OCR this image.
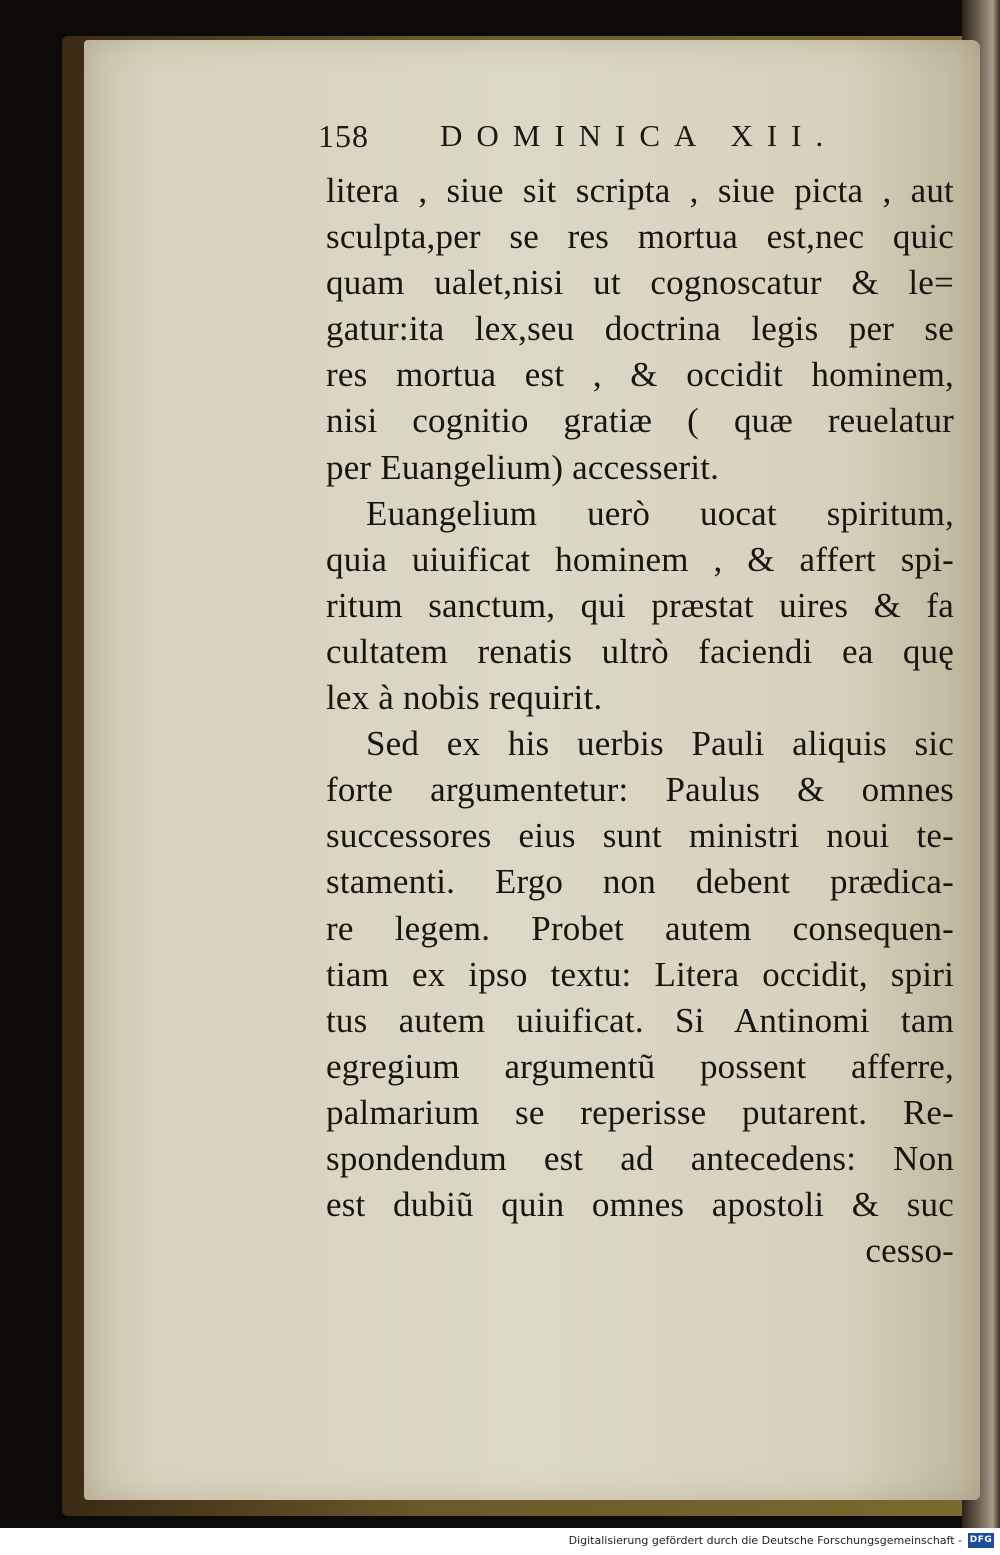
158 DOMINICA XII.
litera , siue sit scripta , siue picta , aut
sculpta,per se res mortua est,nec quic
quam ualet,nisi ut cognoscatur & le=
gatur:ita lex,seu doctrina legis per se
res mortua est , & occidit hominem,
nisi cognitio gratiæ ( quæ reuelatur
per Euangelium) accesserit.
Euangelium uerò uocat spiritum,
quia uiuificat hominem , & affert spi-
ritum sanctum, qui præstat uires & fa
cultatem renatis ultrò faciendi ea quę
lex à nobis requirit.
Sed ex his uerbis Pauli aliquis sic
forte argumentetur: Paulus & omnes
successores eius sunt ministri noui te-
stamenti. Ergo non debent prædica-
re legem. Probet autem consequen-
tiam ex ipso textu: Litera occidit, spiri
tus autem uiuificat. Si Antinomi tam
egregium argumentũ possent afferre,
palmarium se reperisse putarent. Re-
spondendum est ad antecedens: Non
est dubiũ quin omnes apostoli & suc
cesso-
Digitalisierung gefördert durch die Deutsche Forschungsgemeinschaft - DFG
